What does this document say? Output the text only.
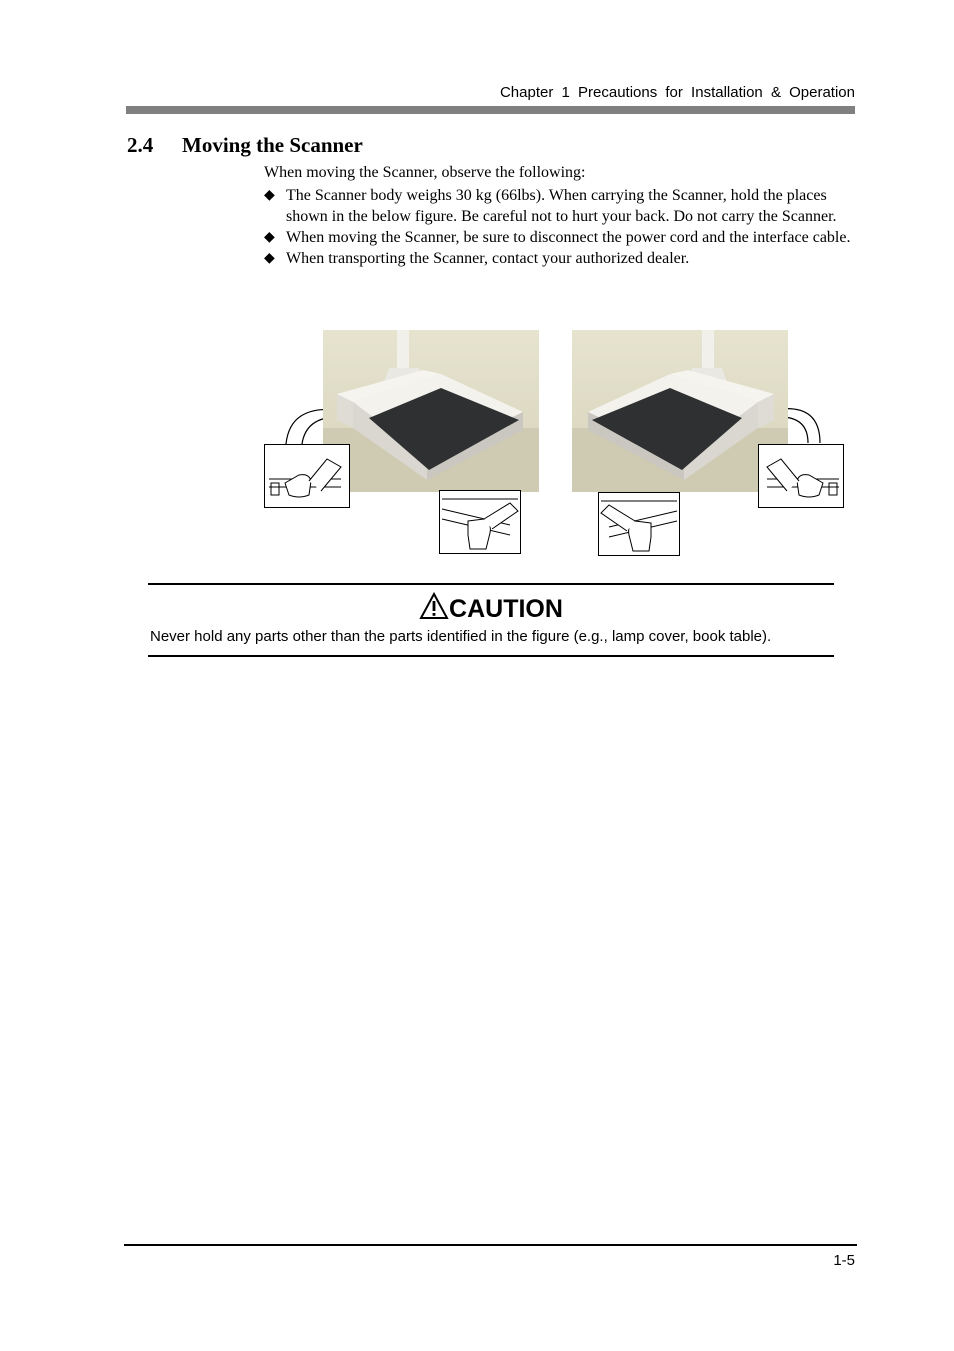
Chapter 1 Precautions for Installation & Operation
2.4 Moving the Scanner
When moving the Scanner, observe the following:
◆ The Scanner body weighs 30 kg (66lbs). When carrying the Scanner, hold the places shown in the below figure. Be careful not to hurt your back. Do not carry the Scanner.
◆ When moving the Scanner, be sure to disconnect the power cord and the interface cable.
◆ When transporting the Scanner, contact your authorized dealer.
CAUTION
Never hold any parts other than the parts identified in the figure (e.g., lamp cover, book table).
1-5
